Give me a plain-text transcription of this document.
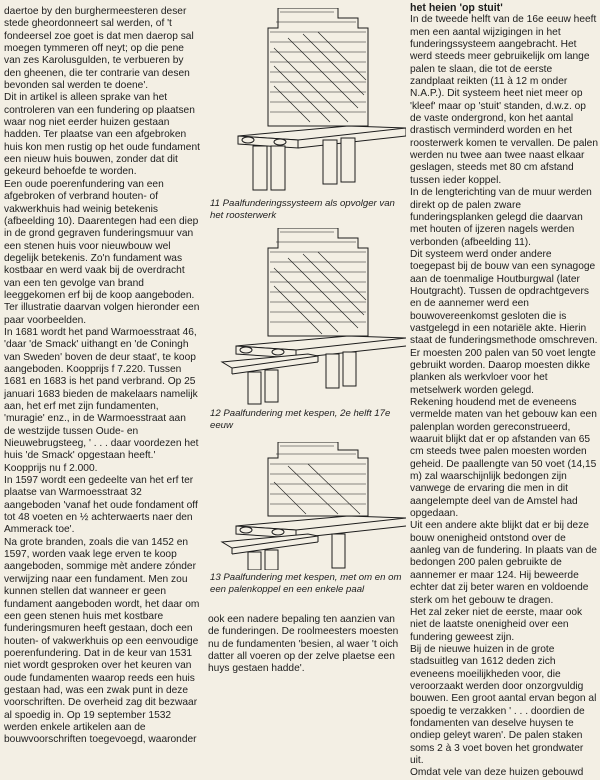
daertoe by den burghermeesteren deser stede gheordonneert sal werden, of 't fondeersel zoe goet is dat men daerop sal moegen tymmeren off neyt; op die pene van zes Karolusgulden, te verbueren by den gheenen, die ter contrarie van desen bevonden sal werden te doene'.

Dit in artikel is alleen sprake van het controleren van een fundering op plaatsen waar nog niet eerder huizen gestaan hadden. Ter plaatse van een afgebroken huis kon men rustig op het oude fundament een nieuw huis bouwen, zonder dat dit gekeurd behoefde te worden.

Een oude poerenfundering van een afgebroken of verbrand houten- of vakwerkhuis had weinig betekenis (afbeelding 10). Daarentegen had een diep in de grond gegraven funderingsmuur van een stenen huis voor nieuwbouw wel degelijk betekenis. Zo'n fundament was kostbaar en werd vaak bij de overdracht van een ten gevolge van brand leeggekomen erf bij de koop aangeboden. Ter illustratie daarvan volgen hieronder een paar voorbeelden.

In 1681 wordt het pand Warmoesstraat 46, 'daar 'de Smack' uithangt en 'de Coningh van Sweden' boven de deur staat', te koop aangeboden. Koopprijs f 7.220. Tussen 1681 en 1683 is het pand verbrand. Op 25 januari 1683 bieden de makelaars namelijk aan, het erf met zijn fundamenten, 'muragie' enz., in de Warmoesstraat aan de westzijde tussen Oude- en Nieuwebrugsteeg, ' . . . daar voordezen het huis 'de Smack' opgestaan heeft.' Koopprijs nu f 2.000.

In 1597 wordt een gedeelte van het erf ter plaatse van Warmoesstraat 32 aangeboden 'vanaf het oude fondament off tot 48 voeten en ½ achterwaerts naer den Ammerack toe'.

Na grote branden, zoals die van 1452 en 1597, worden vaak lege erven te koop aangeboden, sommige mèt andere zónder verwijzing naar een fundament. Men zou kunnen stellen dat wanneer er geen fundament aangeboden wordt, het daar om een geen stenen huis met kostbare funderingsmuren heeft gestaan, doch een houten- of vakwerkhuis op een eenvoudige poerenfundering. Dat in de keur van 1531 niet wordt gesproken over het keuren van oude fundamenten waarop reeds een huis gestaan had, was een zwak punt in deze voorschriften. De overheid zag dit bezwaar al spoedig in. Op 19 september 1532 werden enkele artikelen aan de bouwvoorschriften toegevoegd, waaronder

11 Paalfunderingssysteem als opvolger van het roosterwerk
12 Paalfundering met kespen, 2e helft 17e eeuw
13 Paalfundering met kespen, met om en om een palenkoppel en een enkele paal

ook een nadere bepaling ten aanzien van de funderingen. De roolmeesters moesten nu de fundamenten 'besien, al waer 't oich datter all voeren op der zelve plaetse een huys gestaen hadde'.

het heien 'op stuit'

In de tweede helft van de 16e eeuw heeft men een aantal wijzigingen in het funderingssysteem aangebracht. Het werd steeds meer gebruikelijk om lange palen te slaan, die tot de eerste zandplaat reikten (11 à 12 m onder N.A.P.). Dit systeem heet niet meer op 'kleef' maar op 'stuit' standen, d.w.z. op de vaste ondergrond, kon het aantal drastisch verminderd worden en het roosterwerk komen te vervallen. De palen werden nu twee aan twee naast elkaar geslagen, steeds met 80 cm afstand tussen ieder koppel.

In de lengterichting van de muur werden direkt op de palen zware funderingsplanken gelegd die daarvan met houten of ijzeren nagels werden verbonden (afbeelding 11).

Dit systeem werd onder andere toegepast bij de bouw van een synagoge aan de toenmalige Houtburgwal (later Houtgracht). Tussen de opdrachtgevers en de aannemer werd een bouwovereenkomst gesloten die is vastgelegd in een notariële akte. Hierin staat de funderingsmethode omschreven. Er moesten 200 palen van 50 voet lengte gebruikt worden. Daarop moesten dikke planken als werkvloer voor het metselwerk worden gelegd.

Rekening houdend met de eveneens vermelde maten van het gebouw kan een palenplan worden gereconstrueerd, waaruit blijkt dat er op afstanden van 65 cm steeds twee palen moesten worden geheid. De paallengte van 50 voet (14,15 m) zal waarschijnlijk bedongen zijn vanwege de ervaring die men in dit aangelempte deel van de Amstel had opgedaan.

Uit een andere akte blijkt dat er bij deze bouw onenigheid ontstond over de aanleg van de fundering. In plaats van de bedongen 200 palen gebruikte de aannemer er maar 124. Hij beweerde echter dat zij beter waren en voldoende sterk om het gebouw te dragen.

Het zal zeker niet de eerste, maar ook niet de laatste onenigheid over een fundering geweest zijn.

Bij de nieuwe huizen in de grote stadsuitleg van 1612 deden zich eveneens moeilijkheden voor, die veroorzaakt werden door onzorgvuldig bouwen. Een groot aantal ervan begon al spoedig te verzakken ' . . . doordien de fondamenten van deselve huysen te ondiep geleyt waren'. De palen staken soms 2 à 3 voet boven het grondwater uit.

Omdat vele van deze huizen gebouwd
